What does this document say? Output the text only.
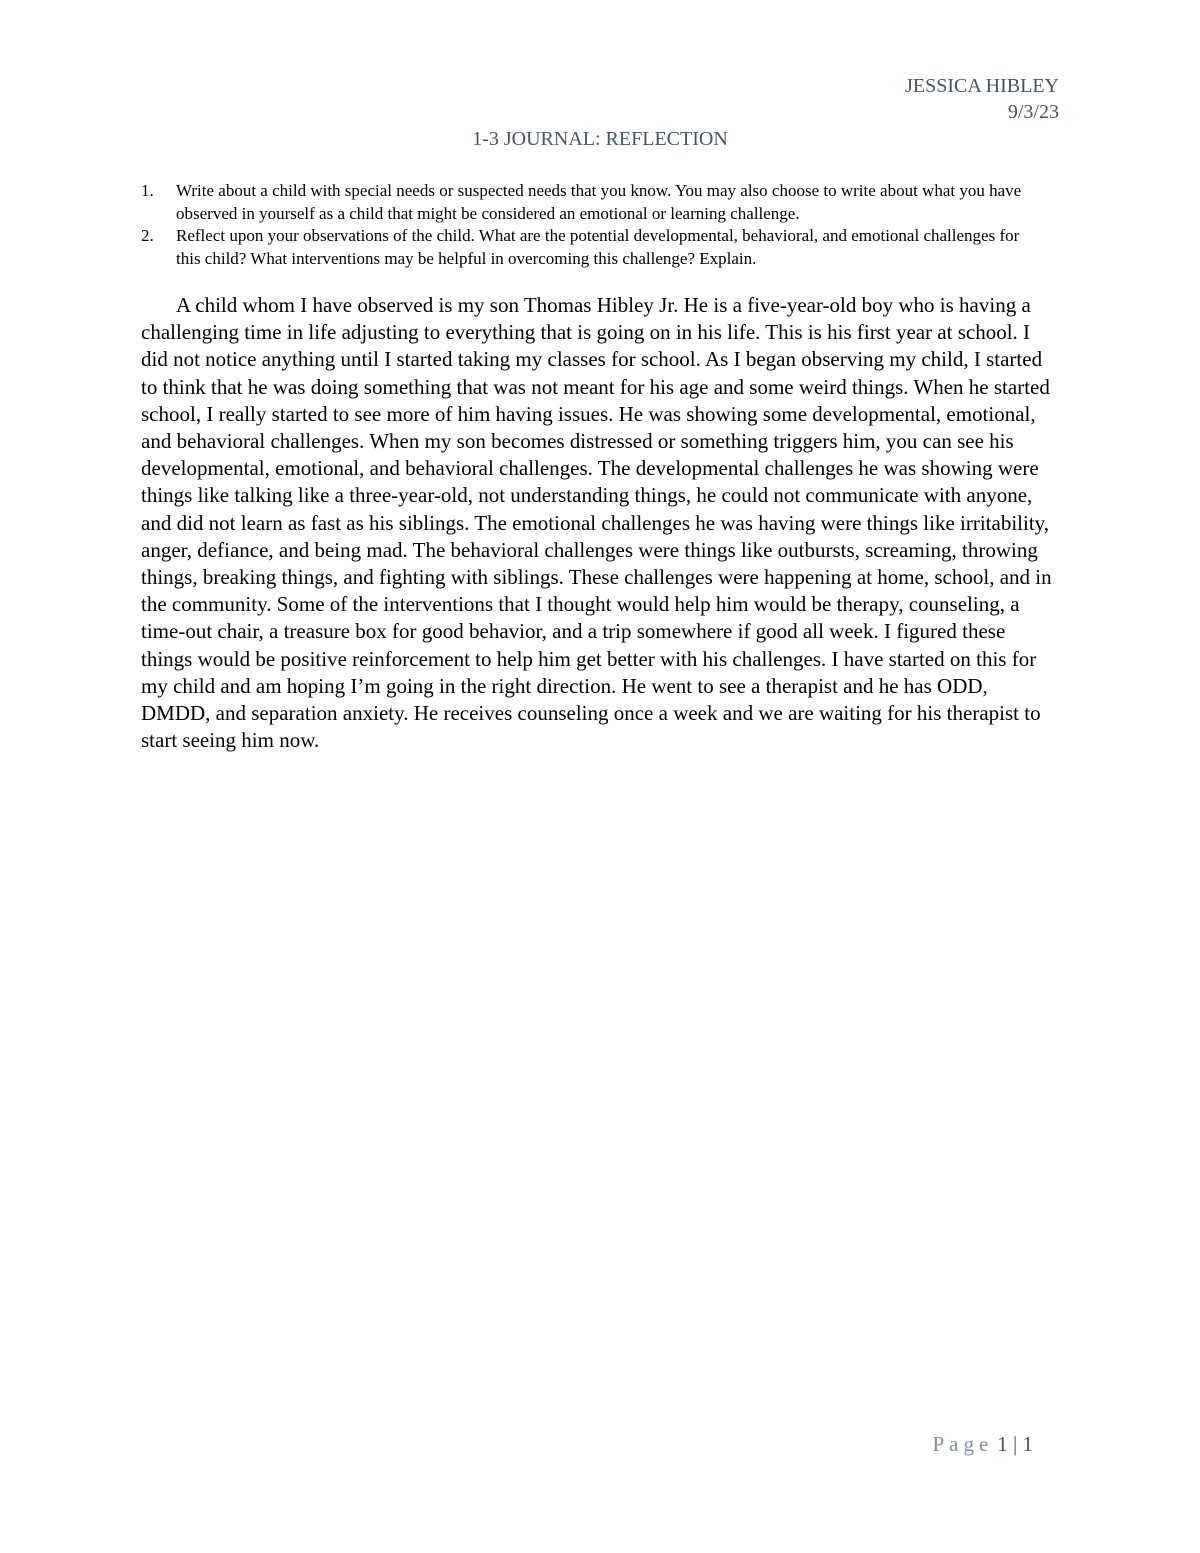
JESSICA HIBLEY
9/3/23
1-3 JOURNAL: REFLECTION
1. Write about a child with special needs or suspected needs that you know. You may also choose to write about what you have observed in yourself as a child that might be considered an emotional or learning challenge.
2. Reflect upon your observations of the child. What are the potential developmental, behavioral, and emotional challenges for this child? What interventions may be helpful in overcoming this challenge? Explain.

A child whom I have observed is my son Thomas Hibley Jr. He is a five-year-old boy who is having a challenging time in life adjusting to everything that is going on in his life. This is his first year at school. I did not notice anything until I started taking my classes for school. As I began observing my child, I started to think that he was doing something that was not meant for his age and some weird things. When he started school, I really started to see more of him having issues. He was showing some developmental, emotional, and behavioral challenges. When my son becomes distressed or something triggers him, you can see his developmental, emotional, and behavioral challenges. The developmental challenges he was showing were things like talking like a three-year-old, not understanding things, he could not communicate with anyone, and did not learn as fast as his siblings. The emotional challenges he was having were things like irritability, anger, defiance, and being mad. The behavioral challenges were things like outbursts, screaming, throwing things, breaking things, and fighting with siblings. These challenges were happening at home, school, and in the community. Some of the interventions that I thought would help him would be therapy, counseling, a time-out chair, a treasure box for good behavior, and a trip somewhere if good all week. I figured these things would be positive reinforcement to help him get better with his challenges. I have started on this for my child and am hoping I’m going in the right direction. He went to see a therapist and he has ODD, DMDD, and separation anxiety. He receives counseling once a week and we are waiting for his therapist to start seeing him now.

Page 1 | 1
